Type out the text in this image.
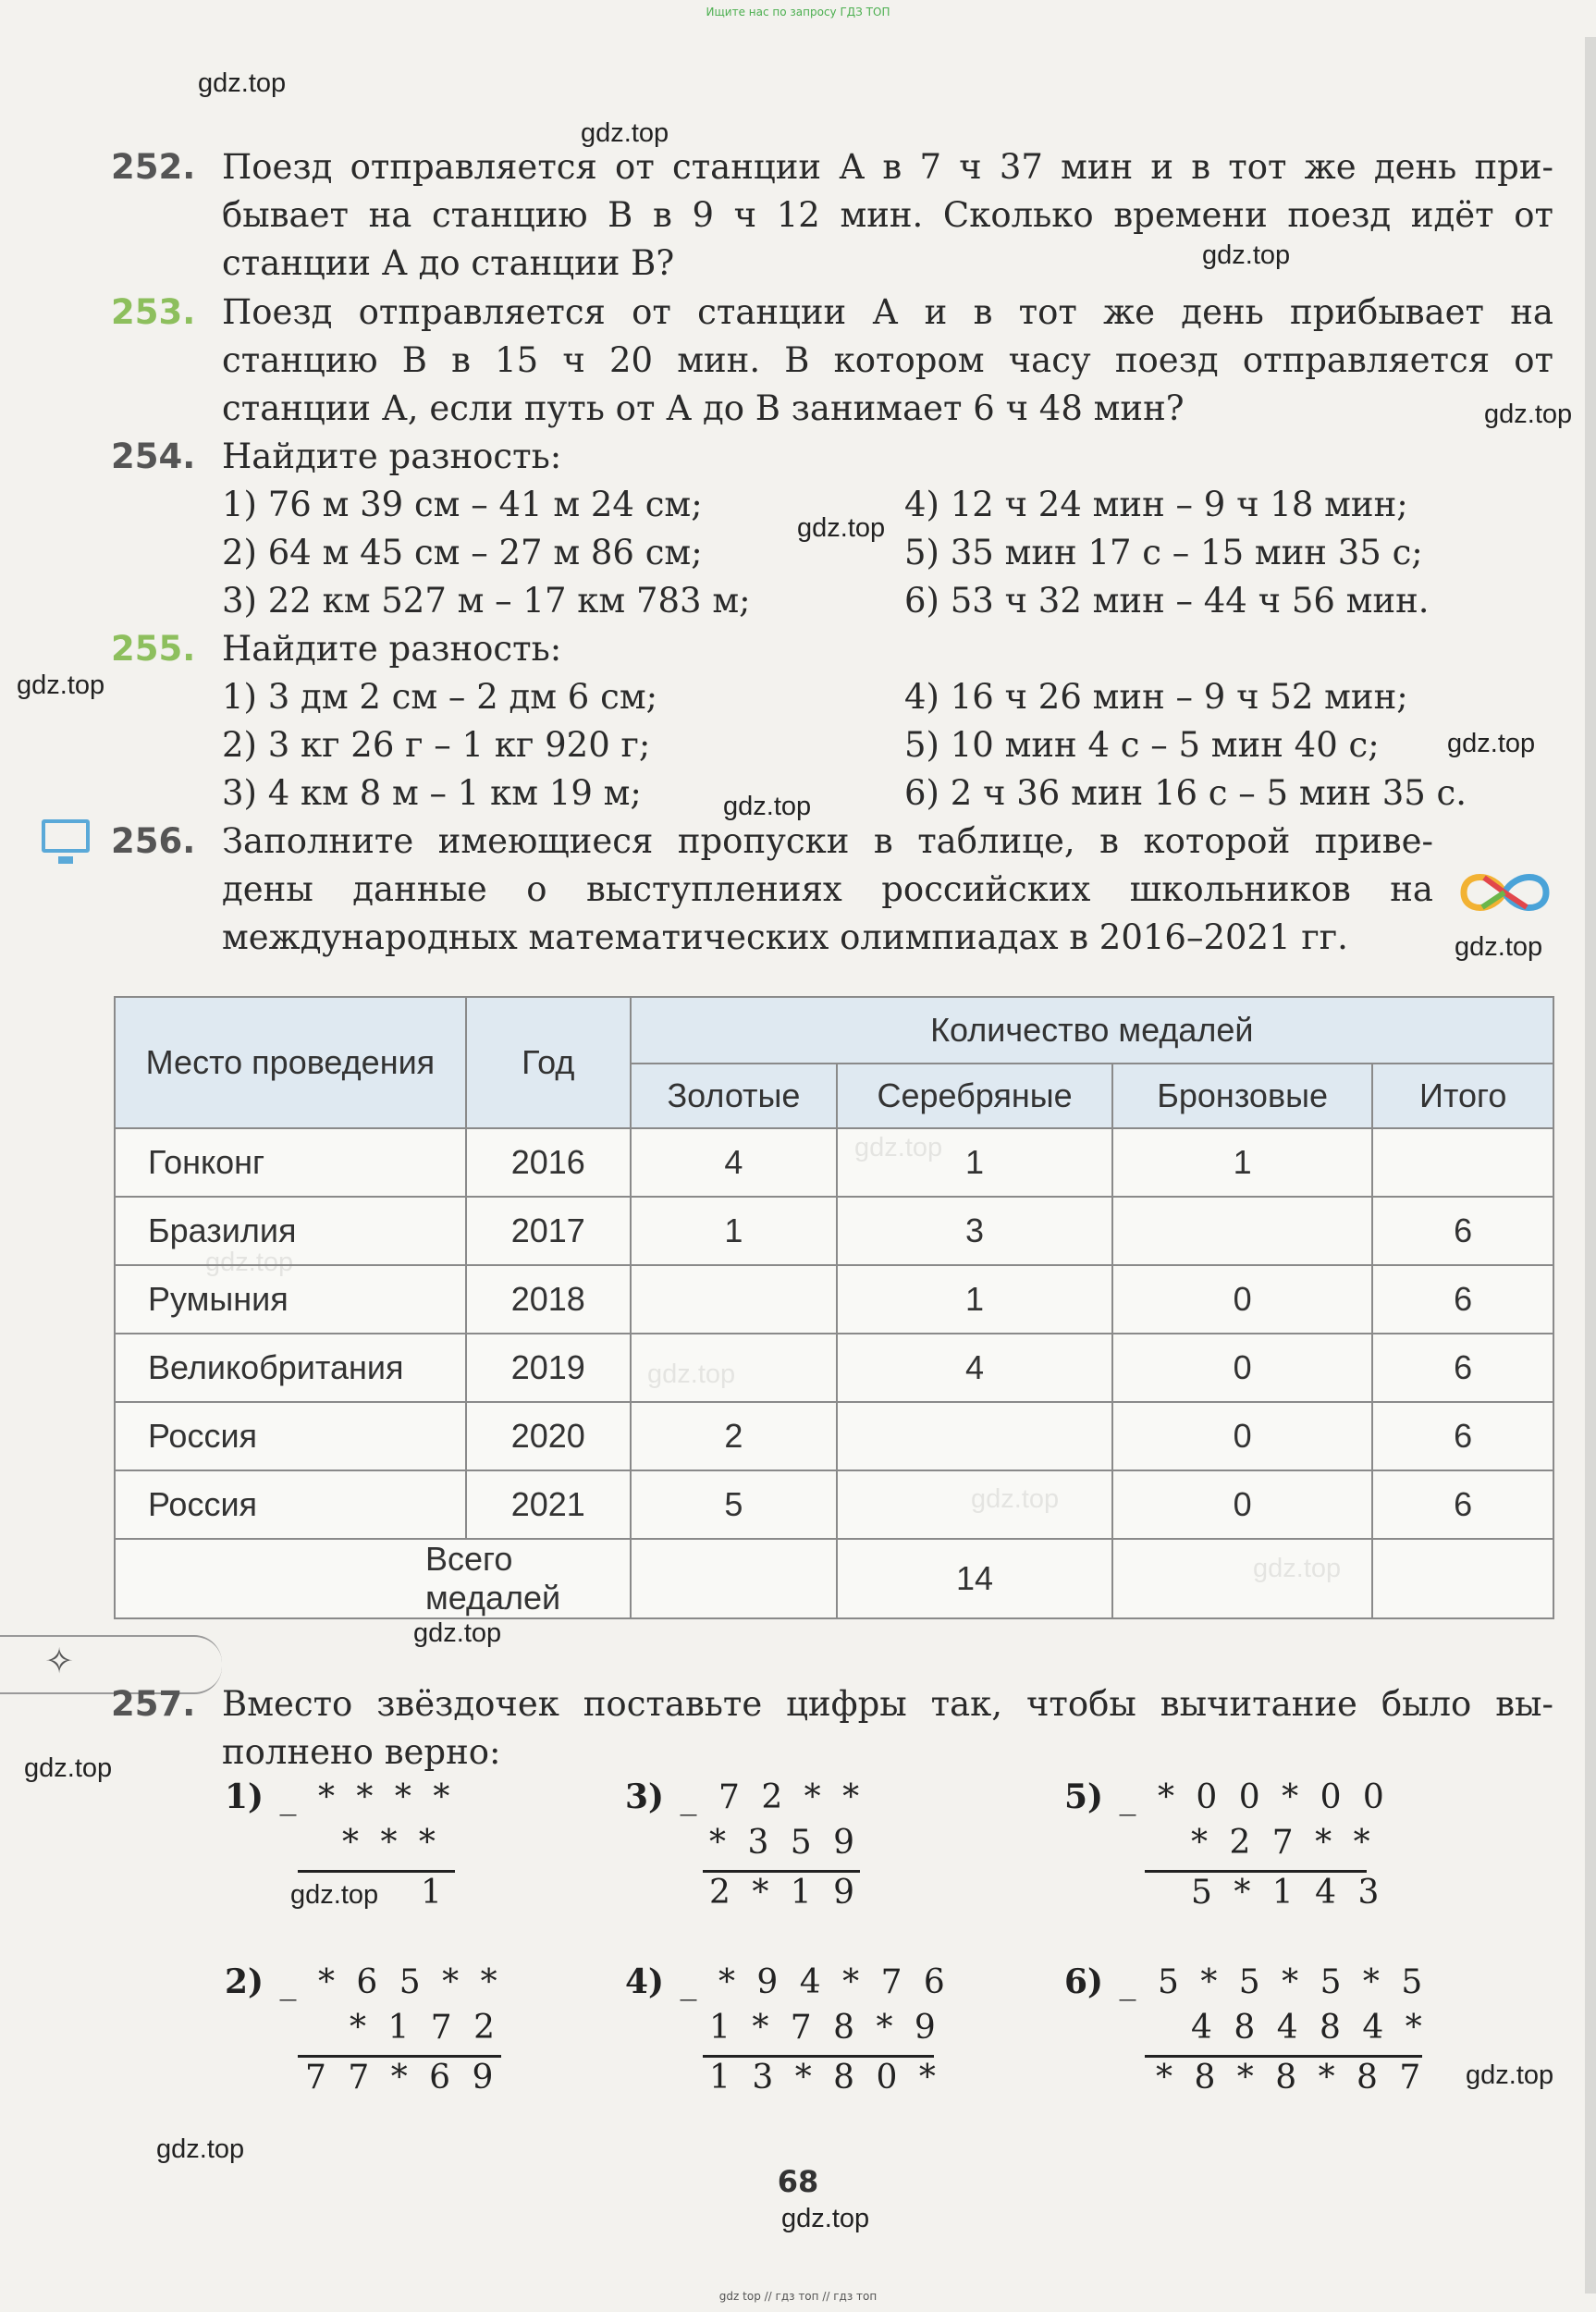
Ищите нас по запросу ГДЗ ТОП
gdz.top
gdz.top
gdz.top
gdz.top
gdz.top
gdz.top
gdz.top
gdz.top
gdz.top
gdz.top
gdz.top
gdz.top
gdz.top
gdz.top
gdz.top
252. Поезд отправляется от станции А в 7 ч 37 мин и в тот же день при-
бывает на станцию В в 9 ч 12 мин. Сколько времени поезд идёт от
станции А до станции В?
253. Поезд отправляется от станции А и в тот же день прибывает на
станцию В в 15 ч 20 мин. В котором часу поезд отправляется от
станции А, если путь от А до В занимает 6 ч 48 мин?
254. Найдите разность:
1) 76 м 39 см – 41 м 24 см;	4) 12 ч 24 мин – 9 ч 18 мин;
2) 64 м 45 см – 27 м 86 см;	5) 35 мин 17 с – 15 мин 35 с;
3) 22 км 527 м – 17 км 783 м;	6) 53 ч 32 мин – 44 ч 56 мин.
255. Найдите разность:
1) 3 дм 2 см – 2 дм 6 см;	4) 16 ч 26 мин – 9 ч 52 мин;
2) 3 кг 26 г – 1 кг 920 г;	5) 10 мин 4 с – 5 мин 40 с;
3) 4 км 8 м – 1 км 19 м;	6) 2 ч 36 мин 16 с – 5 мин 35 с.
256. Заполните имеющиеся пропуски в таблице, в которой приве-
дены данные о выступлениях российских школьников на
международных математических олимпиадах в 2016–2021 гг.
Место проведения	Год	Количество медалей			
		Золотые	Серебряные	Бронзовые	Итого
Гонконг	2016	4	1	1	
Бразилия	2017	1	3		6
Румыния	2018		1	0	6
Великобритания	2019		4	0	6
Россия	2020	2		0	6
Россия	2021	5		0	6
Всего медалей			14		
✧
257. Вместо звёздочек поставьте цифры так, чтобы вычитание было вы-
полнено верно:
1) _ * * * *
* * *
1
3) _ 7 2 * *
* 3 5 9
2 * 1 9
5) _ * 0 0 * 0 0
* 2 7 * *
5 * 1 4 3
2) _ * 6 5 * *
* 1 7 2
7 7 * 6 9
4) _ * 9 4 * 7 6
1 * 7 8 * 9
1 3 * 8 0 *
6) _ 5 * 5 * 5 * 5
4 8 4 8 4 *
* 8 * 8 * 8 7
68
gdz top // гдз топ // гдз топ
